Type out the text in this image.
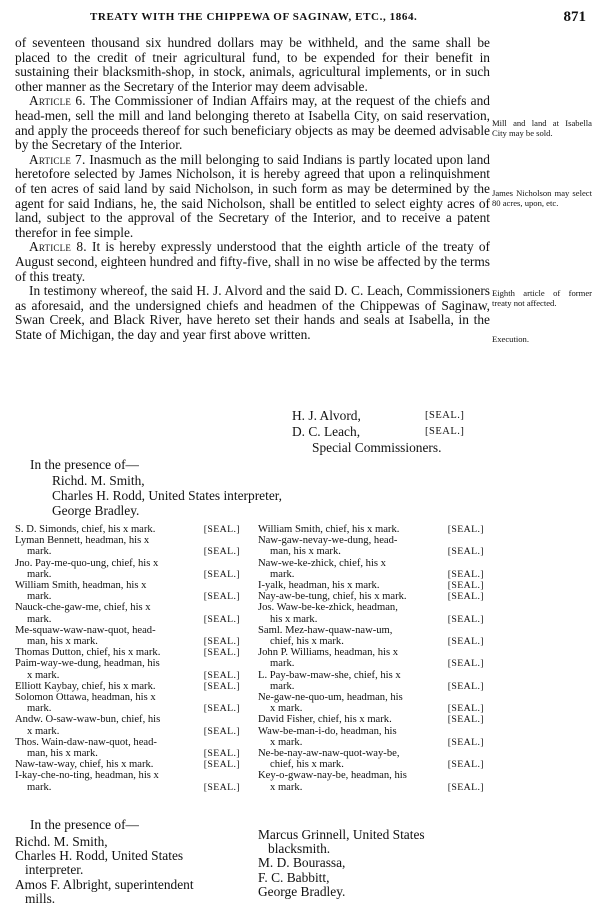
TREATY WITH THE CHIPPEWA OF SAGINAW, ETC., 1864.	871

of seventeen thousand six hundred dollars may be withheld, and the same shall be placed to the credit of tneir agricultural fund, to be expended for their benefit in sustaining their blacksmith-shop, in stock, animals, agricultural implements, or in such other manner as the Secretary of the Interior may deem advisable.

Article 6. The Commissioner of Indian Affairs may, at the request of the chiefs and head-men, sell the mill and land belonging thereto at Isabella City, on said reservation, and apply the proceeds thereof for such beneficiary objects as may be deemed advisable by the Secretary of the Interior.

Article 7. Inasmuch as the mill belonging to said Indians is partly located upon land heretofore selected by James Nicholson, it is hereby agreed that upon a relinquishment of ten acres of said land by said Nicholson, in such form as may be determined by the agent for said Indians, he, the said Nicholson, shall be entitled to select eighty acres of land, subject to the approval of the Secretary of the Interior, and to receive a patent therefor in fee simple.

Article 8. It is hereby expressly understood that the eighth article of the treaty of August second, eighteen hundred and fifty-five, shall in no wise be affected by the terms of this treaty.

In testimony whereof, the said H. J. Alvord and the said D. C. Leach, Commissioners as aforesaid, and the undersigned chiefs and headmen of the Chippewas of Saginaw, Swan Creek, and Black River, have hereto set their hands and seals at Isabella, in the State of Michigan, the day and year first above written.

Mill and land at Isabella City may be sold.
James Nicholson may select 80 acres, upon, etc.
Eighth article of former treaty not affected.
Execution.
H. J. Alvord,	[SEAL.]
D. C. Leach,	[SEAL.]
Special Commissioners.
In the presence of—
Richd. M. Smith,
Charles H. Rodd, United States interpreter,
George Bradley.
S. D. Simonds, chief, his x mark.	[SEAL.]
Lyman Bennett, headman, his x
mark.	[SEAL.]
Jno. Pay-me-quo-ung, chief, his x
mark.	[SEAL.]
William Smith, headman, his x
mark.	[SEAL.]
Nauck-che-gaw-me, chief, his x
mark.	[SEAL.]
Me-squaw-waw-naw-quot, head-
man, his x mark.	[SEAL.]
Thomas Dutton, chief, his x mark.	[SEAL.]
Paim-way-we-dung, headman, his
x mark.	[SEAL.]
Elliott Kaybay, chief, his x mark.	[SEAL.]
Solomon Ottawa, headman, his x
mark.	[SEAL.]
Andw. O-saw-waw-bun, chief, his
x mark.	[SEAL.]
Thos. Wain-daw-naw-quot, head-
man, his x mark.	[SEAL.]
Naw-taw-way, chief, his x mark.	[SEAL.]
I-kay-che-no-ting, headman, his x
mark.	[SEAL.]
William Smith, chief, his x mark.	[SEAL.]
Naw-gaw-nevay-we-dung, head-
man, his x mark.	[SEAL.]
Naw-we-ke-zhick, chief, his x
mark.	[SEAL.]
I-yalk, headman, his x mark.	[SEAL.]
Nay-aw-be-tung, chief, his x mark.	[SEAL.]
Jos. Waw-be-ke-zhick, headman,
his x mark.	[SEAL.]
Saml. Mez-haw-quaw-naw-um,
chief, his x mark.	[SEAL.]
John P. Williams, headman, his x
mark.	[SEAL.]
L. Pay-baw-maw-she, chief, his x
mark.	[SEAL.]
Ne-gaw-ne-quo-um, headman, his
x mark.	[SEAL.]
David Fisher, chief, his x mark.	[SEAL.]
Waw-be-man-i-do, headman, his
x mark.	[SEAL.]
Ne-be-nay-aw-naw-quot-way-be,
chief, his x mark.	[SEAL.]
Key-o-gwaw-nay-be, headman, his
x mark.	[SEAL.]
In the presence of—
Richd. M. Smith,
Charles H. Rodd, United States
interpreter.
Amos F. Albright, superintendent
mills.
Marcus Grinnell, United States
blacksmith.
M. D. Bourassa,
F. C. Babbitt,
George Bradley.
